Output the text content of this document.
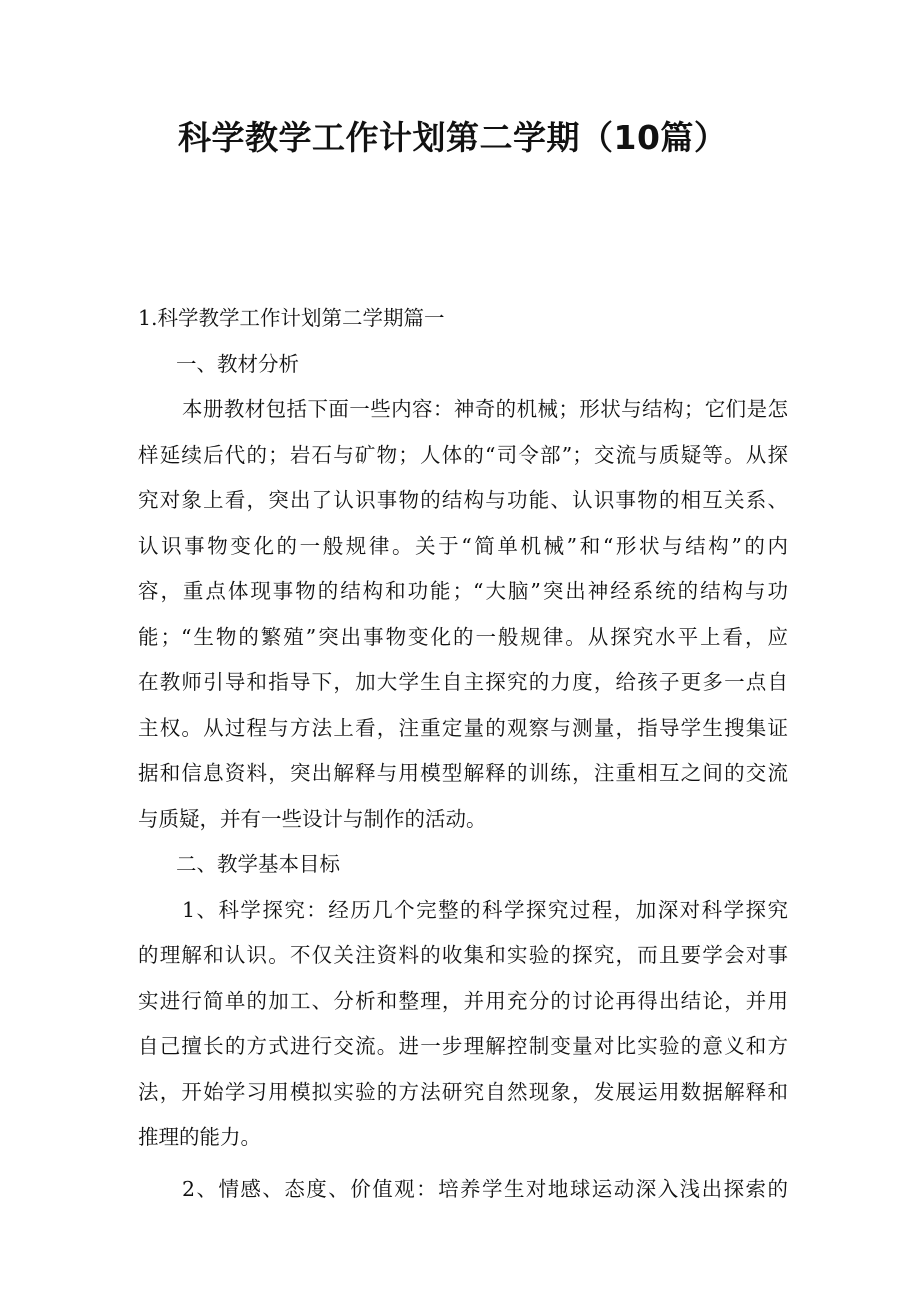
科学教学工作计划第二学期（10篇）
1.科学教学工作计划第二学期篇一
一、教材分析
本册教材包括下面一些内容：神奇的机械；形状与结构；它们是怎
样延续后代的；岩石与矿物；人体的“司令部”；交流与质疑等。从探
究对象上看，突出了认识事物的结构与功能、认识事物的相互关系、
认识事物变化的一般规律。关于“简单机械”和“形状与结构”的内
容，重点体现事物的结构和功能；“大脑”突出神经系统的结构与功
能；“生物的繁殖”突出事物变化的一般规律。从探究水平上看，应
在教师引导和指导下，加大学生自主探究的力度，给孩子更多一点自
主权。从过程与方法上看，注重定量的观察与测量，指导学生搜集证
据和信息资料，突出解释与用模型解释的训练，注重相互之间的交流
与质疑，并有一些设计与制作的活动。
二、教学基本目标
1、科学探究：经历几个完整的科学探究过程，加深对科学探究
的理解和认识。不仅关注资料的收集和实验的探究，而且要学会对事
实进行简单的加工、分析和整理，并用充分的讨论再得出结论，并用
自己擅长的方式进行交流。进一步理解控制变量对比实验的意义和方
法，开始学习用模拟实验的方法研究自然现象，发展运用数据解释和
推理的能力。
2、情感、态度、价值观：培养学生对地球运动深入浅出探索的
